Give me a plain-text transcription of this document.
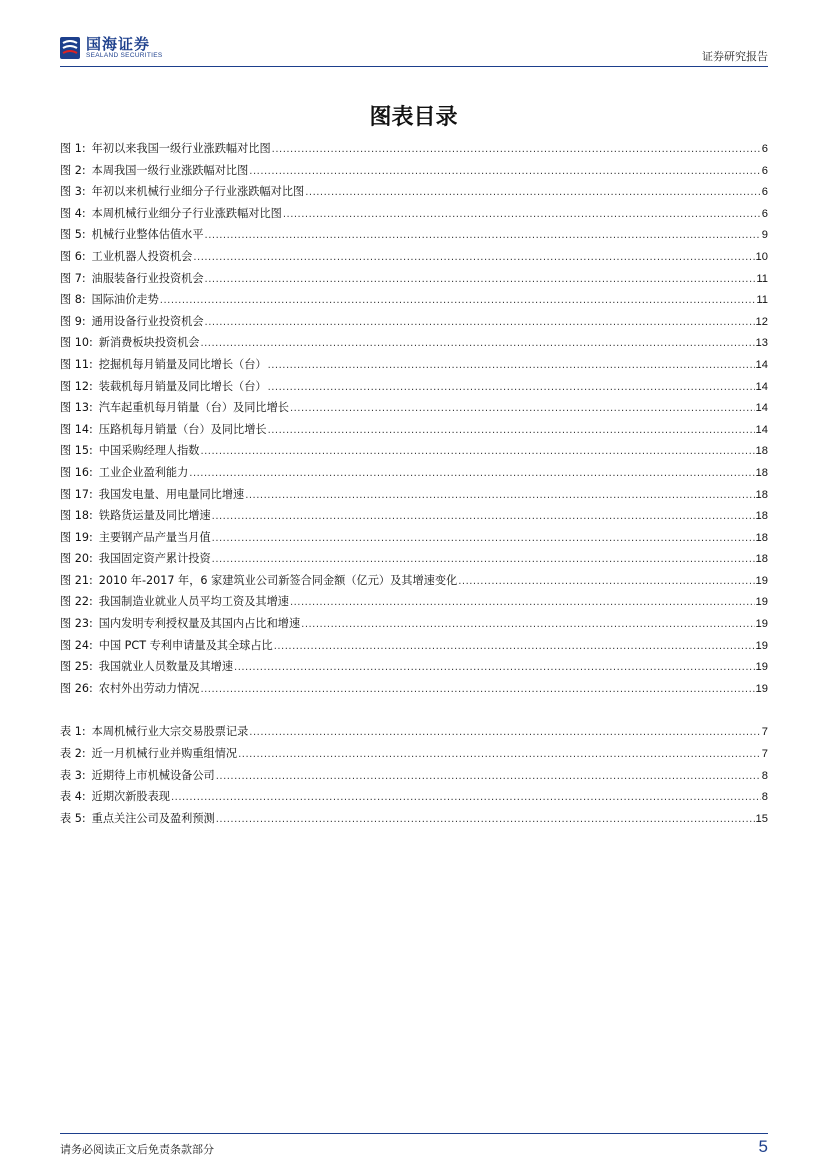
国海证券
SEALAND SECURITIES	证券研究报告
图表目录
图 1: 年初以来我国一级行业涨跌幅对比图 .....	6
图 2: 本周我国一级行业涨跌幅对比图 .....	6
图 3: 年初以来机械行业细分子行业涨跌幅对比图 .....	6
图 4: 本周机械行业细分子行业涨跌幅对比图 .....	6
图 5: 机械行业整体估值水平 .....	9
图 6: 工业机器人投资机会 .....	10
图 7: 油服装备行业投资机会 .....	11
图 8: 国际油价走势 .....	11
图 9: 通用设备行业投资机会 .....	12
图 10: 新消费板块投资机会 .....	13
图 11: 挖掘机每月销量及同比增长（台） .....	14
图 12: 装载机每月销量及同比增长（台） .....	14
图 13: 汽车起重机每月销量（台）及同比增长 .....	14
图 14: 压路机每月销量（台）及同比增长 .....	14
图 15: 中国采购经理人指数 .....	18
图 16: 工业企业盈利能力 .....	18
图 17: 我国发电量、用电量同比增速 .....	18
图 18: 铁路货运量及同比增速 .....	18
图 19: 主要钢产品产量当月值 .....	18
图 20: 我国固定资产累计投资 .....	18
图 21: 2010 年-2017 年，6 家建筑业公司新签合同金额（亿元）及其增速变化 .....	19
图 22: 我国制造业就业人员平均工资及其增速 .....	19
图 23: 国内发明专利授权量及其国内占比和增速 .....	19
图 24: 中国 PCT 专利申请量及其全球占比 .....	19
图 25: 我国就业人员数量及其增速 .....	19
图 26: 农村外出劳动力情况 .....	19
表 1: 本周机械行业大宗交易股票记录 .....	7
表 2: 近一月机械行业并购重组情况 .....	7
表 3: 近期待上市机械设备公司 .....	8
表 4: 近期次新股表现 .....	8
表 5: 重点关注公司及盈利预测 .....	15
请务必阅读正文后免责条款部分	5
